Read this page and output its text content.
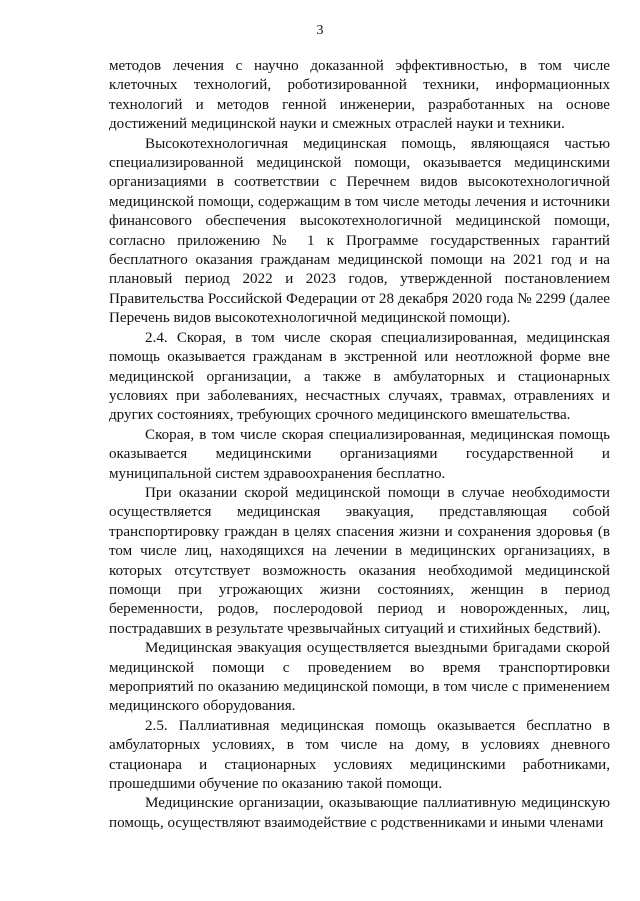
3

методов лечения с научно доказанной эффективностью, в том числе клеточных технологий, роботизированной техники, информационных технологий и методов генной инженерии, разработанных на основе достижений медицинской науки и смежных отраслей науки и техники.

Высокотехнологичная медицинская помощь, являющаяся частью специализированной медицинской помощи, оказывается медицинскими организациями в соответствии с Перечнем видов высокотехнологичной медицинской помощи, содержащим в том числе методы лечения и источники финансового обеспечения высокотехнологичной медицинской помощи, согласно приложению № 1 к Программе государственных гарантий бесплатного оказания гражданам медицинской помощи на 2021 год и на плановый период 2022 и 2023 годов, утвержденной постановлением Правительства Российской Федерации от 28 декабря 2020 года № 2299 (далее Перечень видов высокотехнологичной медицинской помощи).

2.4. Скорая, в том числе скорая специализированная, медицинская помощь оказывается гражданам в экстренной или неотложной форме вне медицинской организации, а также в амбулаторных и стационарных условиях при заболеваниях, несчастных случаях, травмах, отравлениях и других состояниях, требующих срочного медицинского вмешательства.

Скорая, в том числе скорая специализированная, медицинская помощь оказывается медицинскими организациями государственной и муниципальной систем здравоохранения бесплатно.

При оказании скорой медицинской помощи в случае необходимости осуществляется медицинская эвакуация, представляющая собой транспортировку граждан в целях спасения жизни и сохранения здоровья (в том числе лиц, находящихся на лечении в медицинских организациях, в которых отсутствует возможность оказания необходимой медицинской помощи при угрожающих жизни состояниях, женщин в период беременности, родов, послеродовой период и новорожденных, лиц, пострадавших в результате чрезвычайных ситуаций и стихийных бедствий).

Медицинская эвакуация осуществляется выездными бригадами скорой медицинской помощи с проведением во время транспортировки мероприятий по оказанию медицинской помощи, в том числе с применением медицинского оборудования.

2.5. Паллиативная медицинская помощь оказывается бесплатно в амбулаторных условиях, в том числе на дому, в условиях дневного стационара и стационарных условиях медицинскими работниками, прошедшими обучение по оказанию такой помощи.

Медицинские организации, оказывающие паллиативную медицинскую помощь, осуществляют взаимодействие с родственниками и иными членами
